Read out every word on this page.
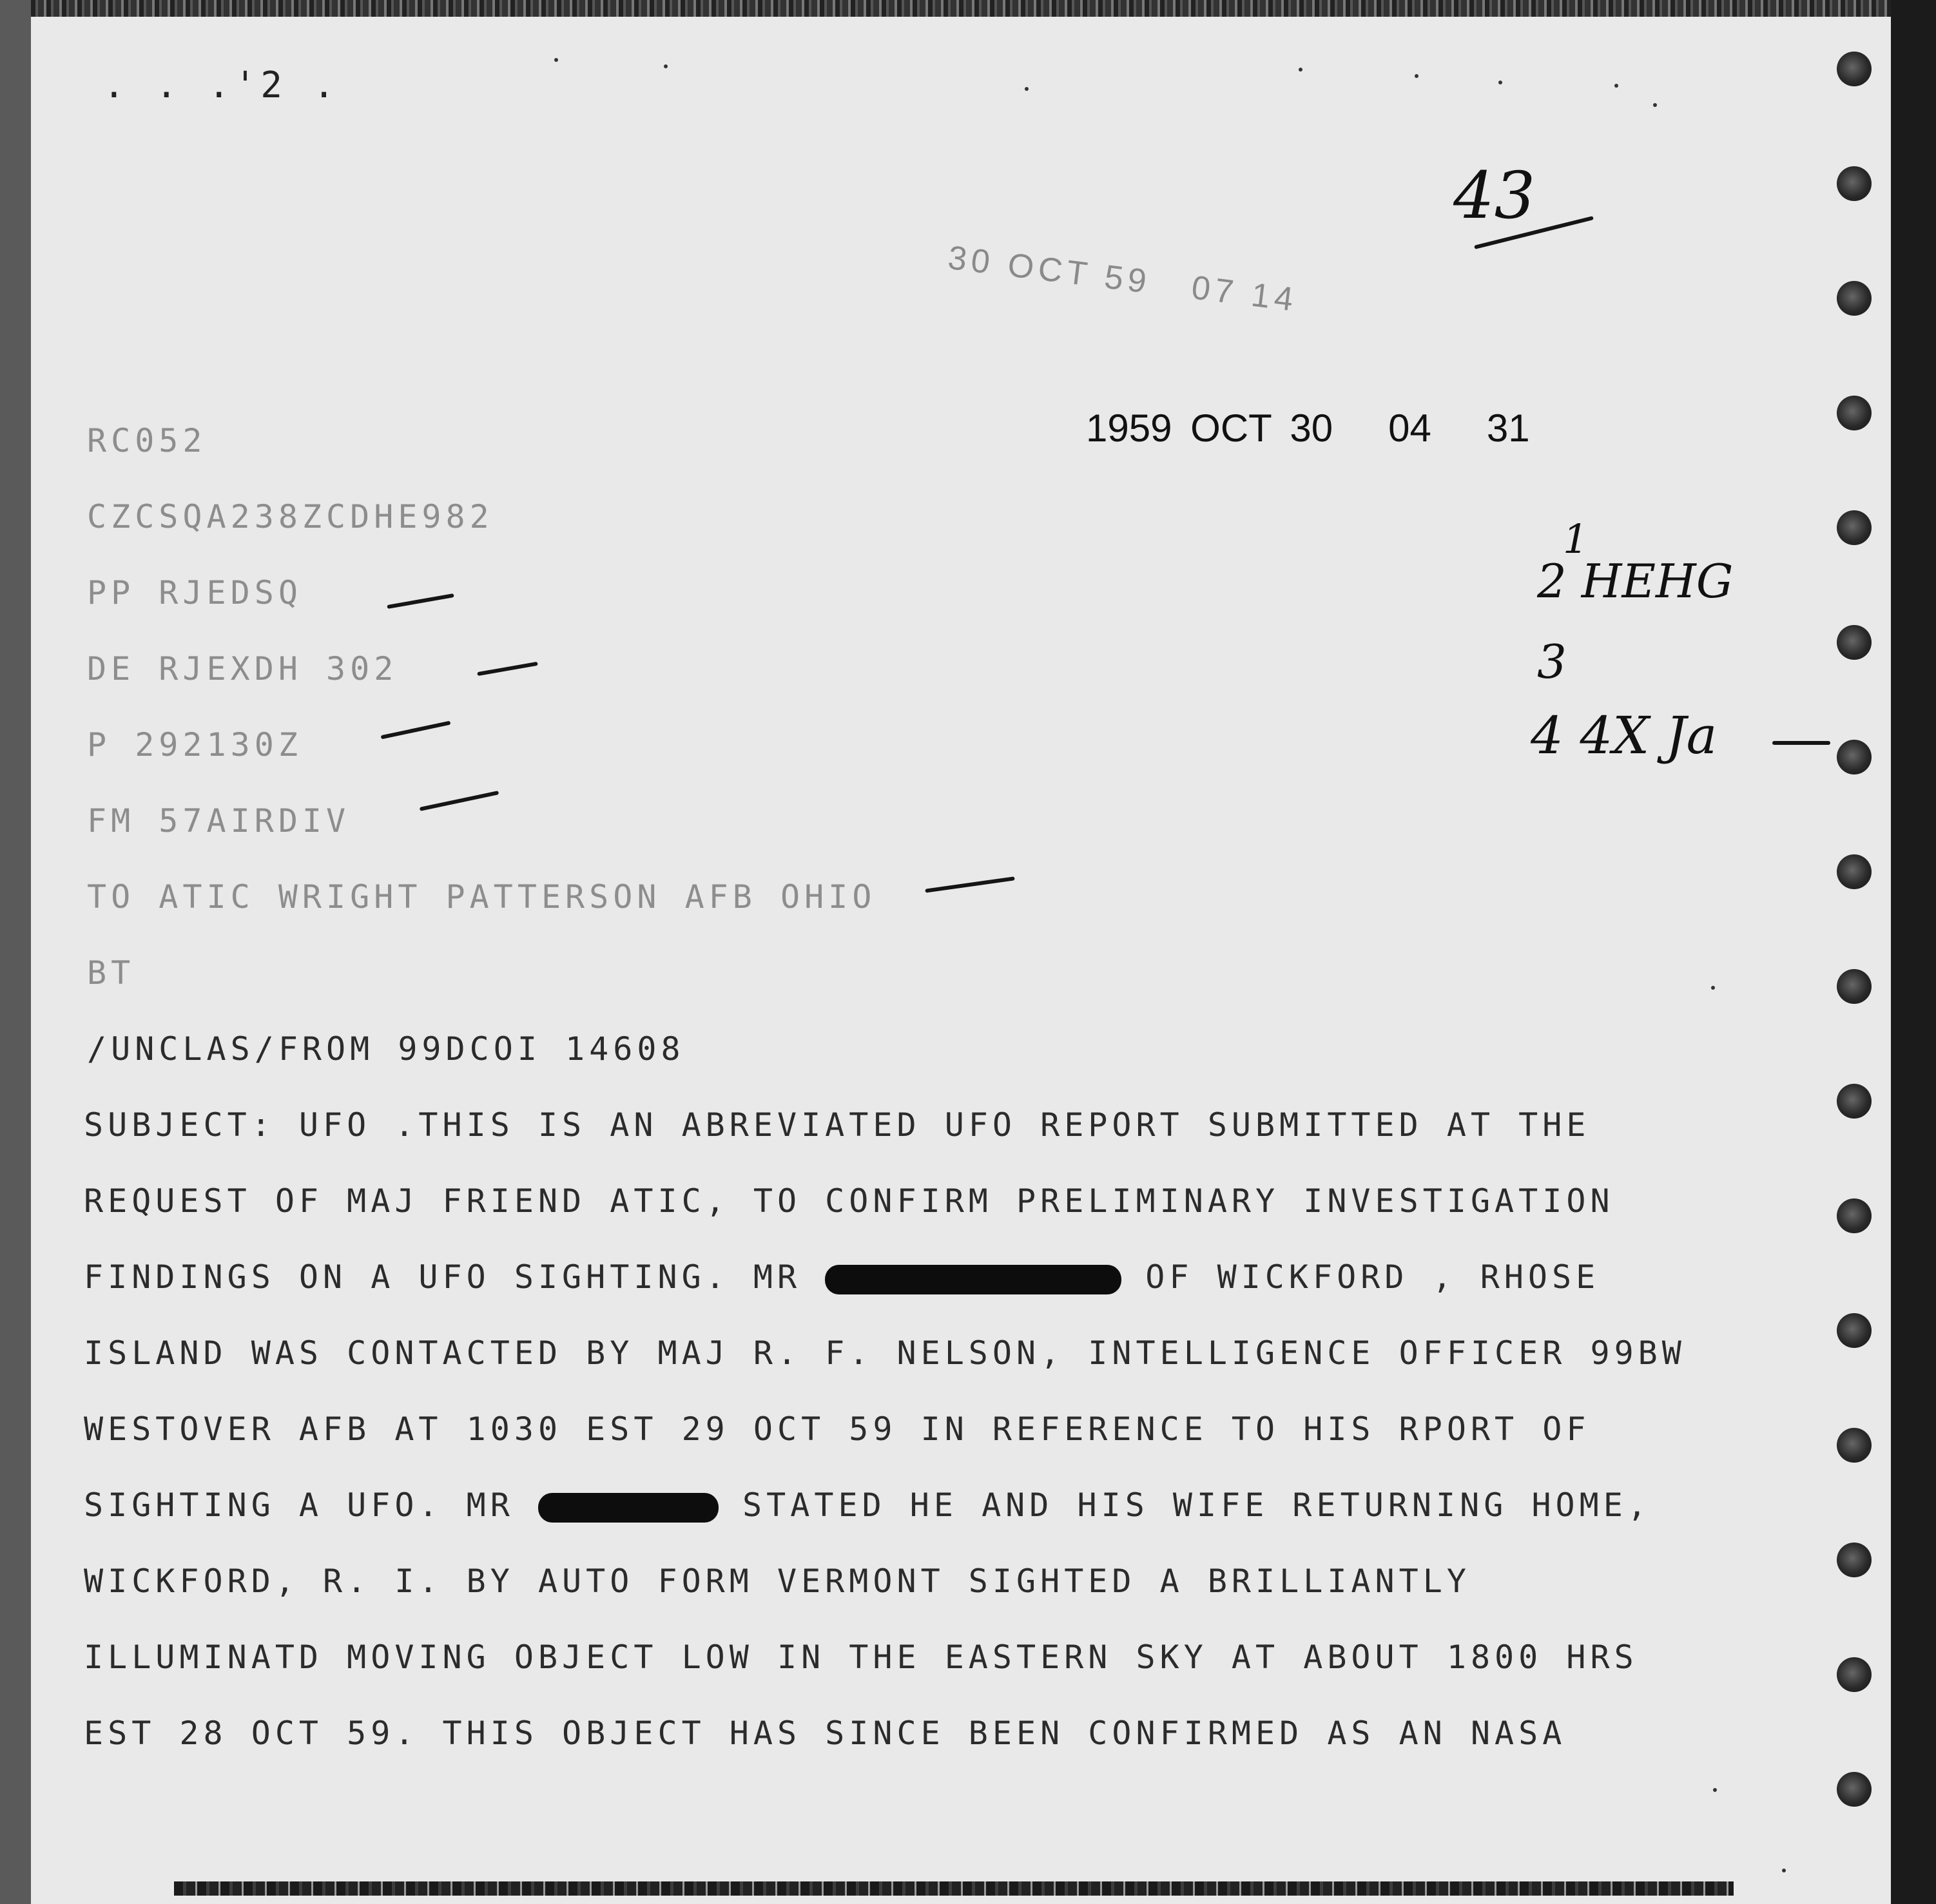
. . .'2 .

43

30 OCT 59   07 14

1959 OCT 30   04   31

1

2 HEHG

3

4 4X Ja

RC052

CZCSQA238ZCDHE982

PP RJEDSQ

DE RJEXDH 302

P 292130Z

FM 57AIRDIV

TO ATIC WRIGHT PATTERSON AFB OHIO

BT

/UNCLAS/FROM 99DCOI 14608

SUBJECT: UFO .THIS IS AN ABREVIATED UFO REPORT SUBMITTED AT THE

REQUEST OF MAJ FRIEND ATIC, TO CONFIRM PRELIMINARY INVESTIGATION

FINDINGS ON A UFO SIGHTING. MR	OF WICKFORD , RHOSE

ISLAND WAS CONTACTED BY MAJ R. F. NELSON, INTELLIGENCE OFFICER 99BW

WESTOVER AFB AT 1030 EST 29 OCT 59 IN REFERENCE TO HIS RPORT OF

SIGHTING A UFO. MR	STATED HE AND HIS WIFE RETURNING HOME,

WICKFORD, R. I. BY AUTO FORM VERMONT SIGHTED A BRILLIANTLY

ILLUMINATD MOVING OBJECT LOW IN THE EASTERN SKY AT ABOUT 1800 HRS

EST 28 OCT 59. THIS OBJECT HAS SINCE BEEN CONFIRMED AS AN NASA
